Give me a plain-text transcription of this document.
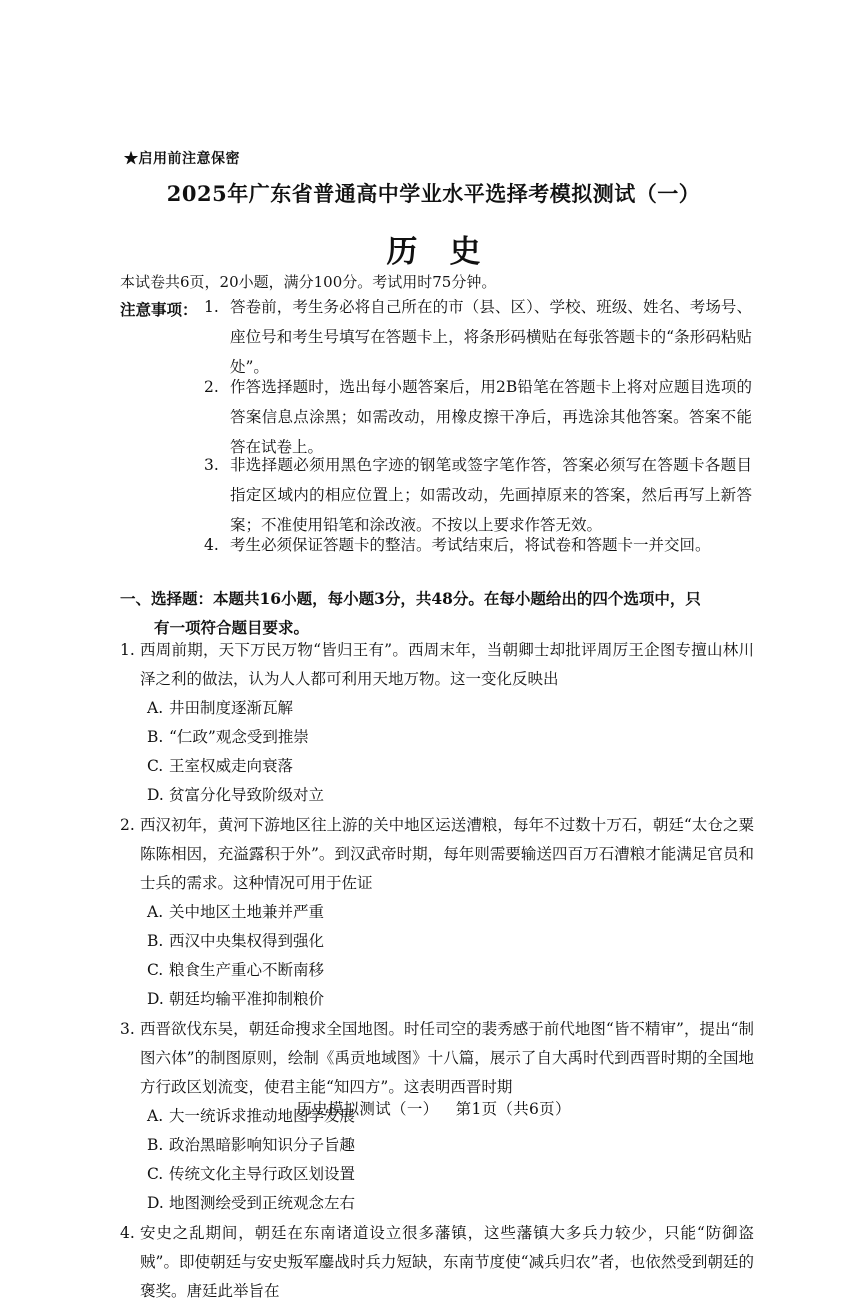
★启用前注意保密
2025年广东省普通高中学业水平选择考模拟测试（一）
历史
本试卷共6页，20小题，满分100分。考试用时75分钟。
注意事项： 1. 答卷前，考生务必将自己所在的市（县、区）、学校、班级、姓名、考场号、座位号和考生号填写在答题卡上，将条形码横贴在每张答题卡的“条形码粘贴处”。
2. 作答选择题时，选出每小题答案后，用2B铅笔在答题卡上将对应题目选项的答案信息点涂黑；如需改动，用橡皮擦干净后，再选涂其他答案。答案不能答在试卷上。
3. 非选择题必须用黑色字迹的钢笔或签字笔作答，答案必须写在答题卡各题目指定区域内的相应位置上；如需改动，先画掉原来的答案，然后再写上新答案；不准使用铅笔和涂改液。不按以上要求作答无效。
4. 考生必须保证答题卡的整洁。考试结束后，将试卷和答题卡一并交回。
一、选择题：本题共16小题，每小题3分，共48分。在每小题给出的四个选项中，只
有一项符合题目要求。
1. 西周前期，天下万民万物“皆归王有”。西周末年，当朝卿士却批评周厉王企图专擅山林川泽之利的做法，认为人人都可利用天地万物。这一变化反映出
A. 井田制度逐渐瓦解
B. “仁政”观念受到推崇
C. 王室权威走向衰落
D. 贫富分化导致阶级对立
2. 西汉初年，黄河下游地区往上游的关中地区运送漕粮，每年不过数十万石，朝廷“太仓之粟陈陈相因，充溢露积于外”。到汉武帝时期，每年则需要输送四百万石漕粮才能满足官员和士兵的需求。这种情况可用于佐证
A. 关中地区土地兼并严重
B. 西汉中央集权得到强化
C. 粮食生产重心不断南移
D. 朝廷均输平准抑制粮价
3. 西晋欲伐东吴，朝廷命搜求全国地图。时任司空的裴秀感于前代地图“皆不精审”，提出“制图六体”的制图原则，绘制《禹贡地域图》十八篇，展示了自大禹时代到西晋时期的全国地方行政区划流变，使君主能“知四方”。这表明西晋时期
A. 大一统诉求推动地图学发展
B. 政治黑暗影响知识分子旨趣
C. 传统文化主导行政区划设置
D. 地图测绘受到正统观念左右
4. 安史之乱期间，朝廷在东南诸道设立很多藩镇，这些藩镇大多兵力较少，只能“防御盗贼”。即使朝廷与安史叛军鏖战时兵力短缺，东南节度使“减兵归农”者，也依然受到朝廷的褒奖。唐廷此举旨在
历史模拟测试（一） 第1页（共6页）
